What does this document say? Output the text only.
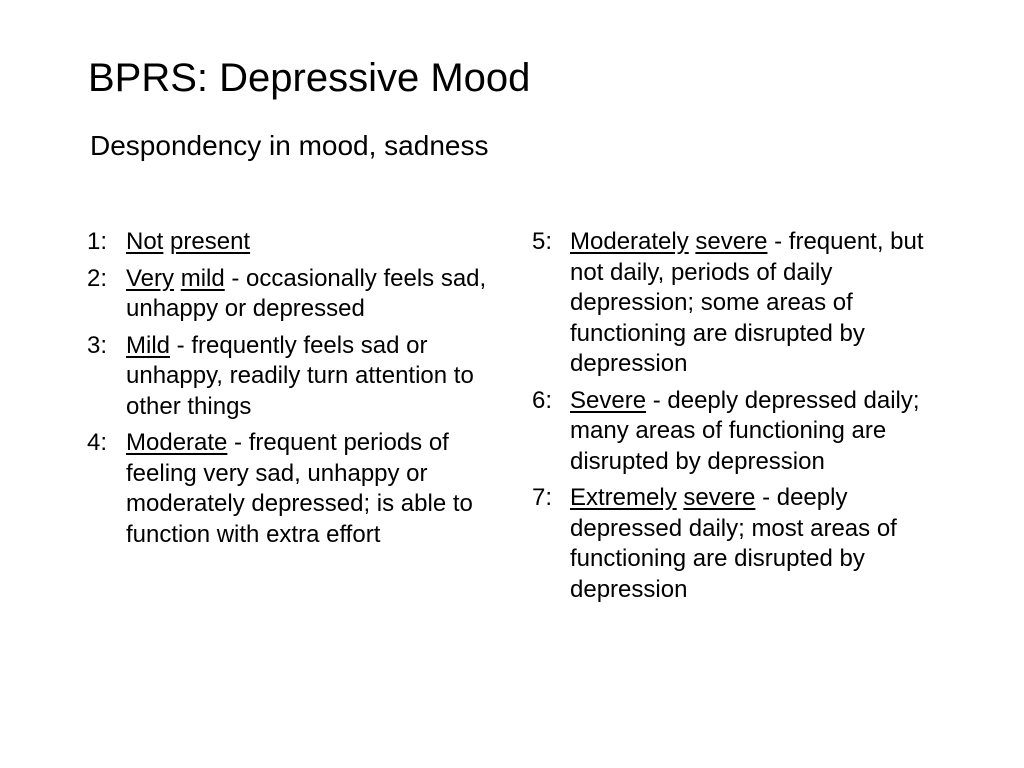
BPRS: Depressive Mood
Despondency in mood, sadness
1: Not present
2: Very mild - occasionally feels sad, unhappy or depressed
3: Mild - frequently feels sad or unhappy, readily turn attention to other things
4: Moderate - frequent periods of feeling very sad, unhappy or moderately depressed; is able to function with extra effort
5: Moderately severe - frequent, but not daily, periods of daily depression; some areas of functioning are disrupted by depression
6: Severe - deeply depressed daily; many areas of functioning are disrupted by depression
7: Extremely severe - deeply depressed daily; most areas of functioning are disrupted by depression
